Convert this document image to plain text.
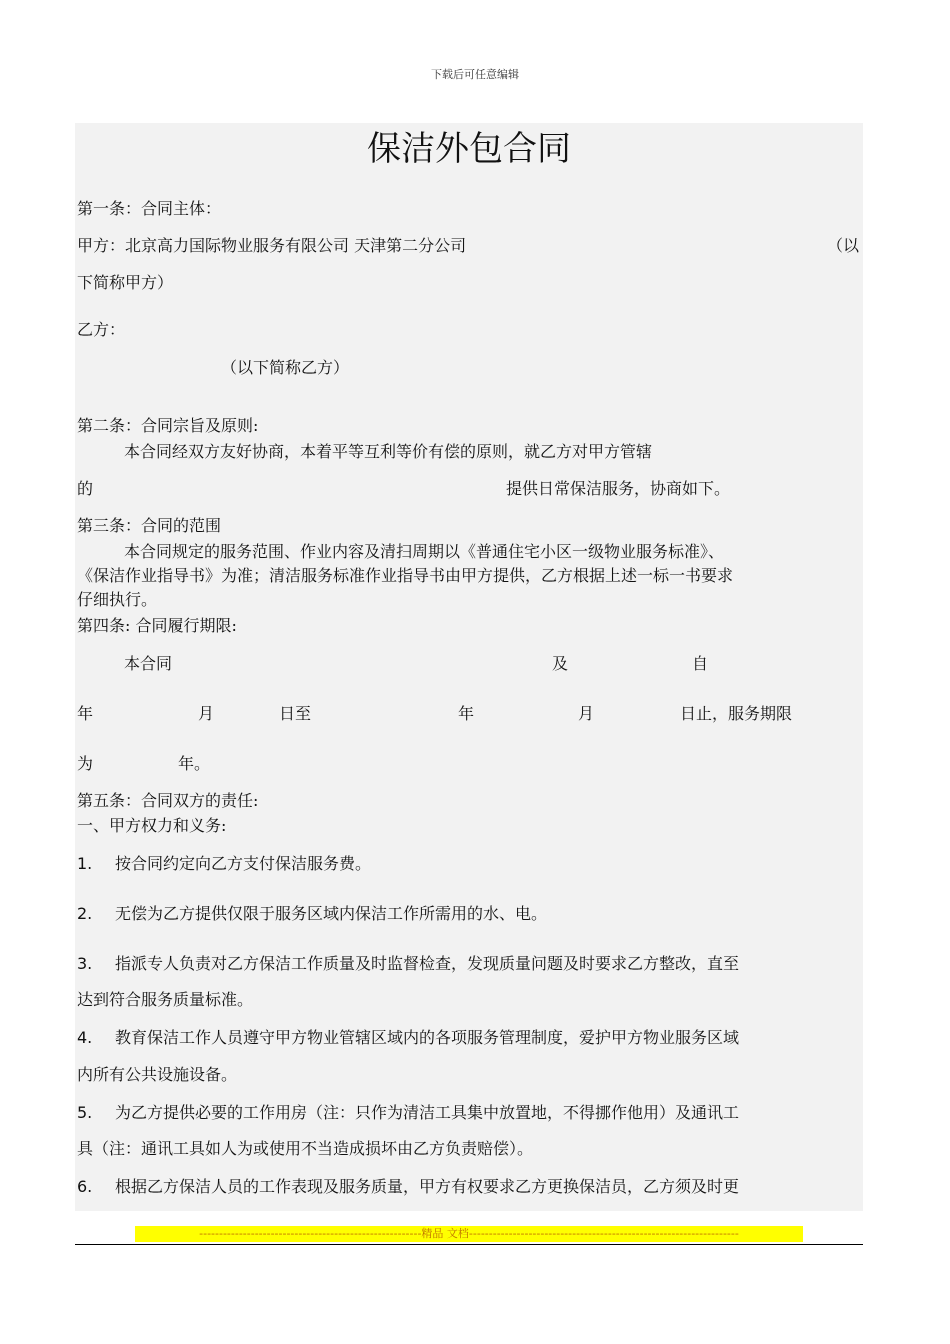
下载后可任意编辑
保洁外包合同
第一条：合同主体：
甲方：北京高力国际物业服务有限公司 天津第二分公司	（以
下简称甲方）
乙方：
（以下简称乙方）
第二条：合同宗旨及原则:
本合同经双方友好协商，本着平等互利等价有偿的原则，就乙方对甲方管辖
的	提供日常保洁服务，协商如下。
第三条：合同的范围
本合同规定的服务范围、作业内容及清扫周期以《普通住宅小区一级物业服务标准》、
《保洁作业指导书》为准；清洁服务标准作业指导书由甲方提供，乙方根据上述一标一书要求
仔细执行。
第四条: 合同履行期限:
本合同	及	自
年	月	日至	年	月	日止，服务期限
为	年。
第五条：合同双方的责任:
一、甲方权力和义务:
1. 按合同约定向乙方支付保洁服务费。
2. 无偿为乙方提供仅限于服务区域内保洁工作所需用的水、电。
3. 指派专人负责对乙方保洁工作质量及时监督检查，发现质量问题及时要求乙方整改，直至
达到符合服务质量标准。
4. 教育保洁工作人员遵守甲方物业管辖区域内的各项服务管理制度，爱护甲方物业服务区域
内所有公共设施设备。
5. 为乙方提供必要的工作用房（注：只作为清洁工具集中放置地，不得挪作他用）及通讯工
具（注：通讯工具如人为或使用不当造成损坏由乙方负责赔偿）。
6. 根据乙方保洁人员的工作表现及服务质量，甲方有权要求乙方更换保洁员，乙方须及时更
--------------------------------------------------------精品 文档--------------------------------------------------------------------
